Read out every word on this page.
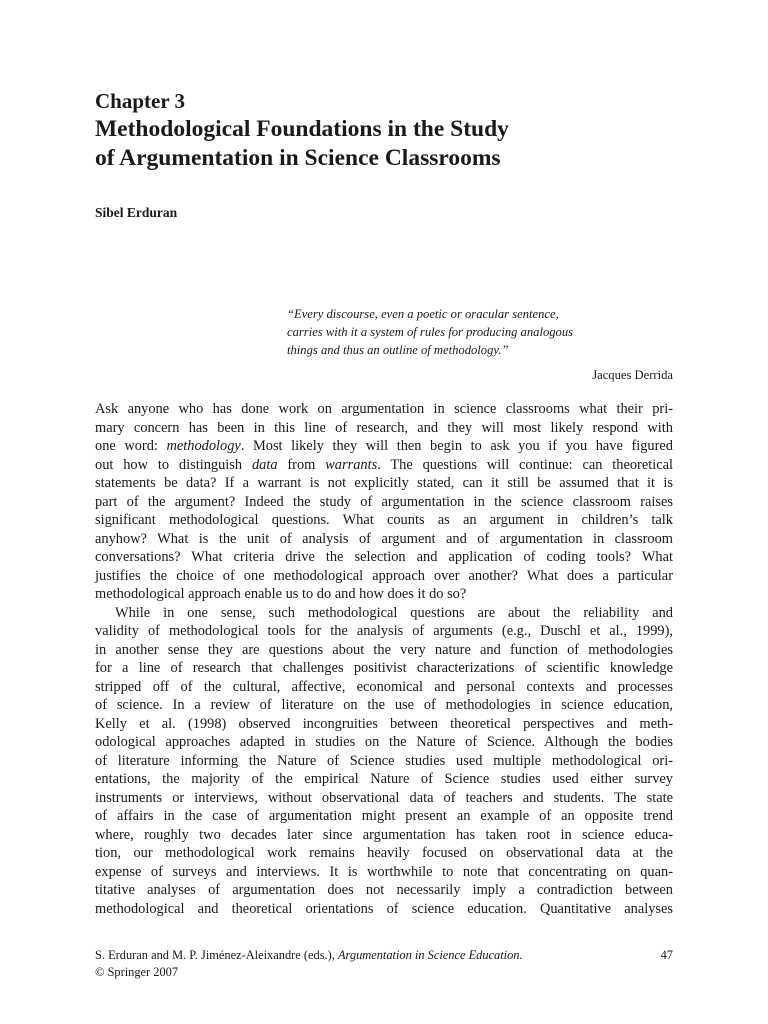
Chapter 3
Methodological Foundations in the Study
of Argumentation in Science Classrooms
Sibel Erduran
“Every discourse, even a poetic or oracular sentence,
carries with it a system of rules for producing analogous
things and thus an outline of methodology.”
Jacques Derrida
Ask anyone who has done work on argumentation in science classrooms what their pri-
mary concern has been in this line of research, and they will most likely respond with
one word: methodology. Most likely they will then begin to ask you if you have figured
out how to distinguish data from warrants. The questions will continue: can theoretical
statements be data? If a warrant is not explicitly stated, can it still be assumed that it is
part of the argument? Indeed the study of argumentation in the science classroom raises
significant methodological questions. What counts as an argument in children’s talk
anyhow? What is the unit of analysis of argument and of argumentation in classroom
conversations? What criteria drive the selection and application of coding tools? What
justifies the choice of one methodological approach over another? What does a particular
methodological approach enable us to do and how does it do so?
While in one sense, such methodological questions are about the reliability and
validity of methodological tools for the analysis of arguments (e.g., Duschl et al., 1999),
in another sense they are questions about the very nature and function of methodologies
for a line of research that challenges positivist characterizations of scientific knowledge
stripped off of the cultural, affective, economical and personal contexts and processes
of science. In a review of literature on the use of methodologies in science education,
Kelly et al. (1998) observed incongruities between theoretical perspectives and meth-
odological approaches adapted in studies on the Nature of Science. Although the bodies
of literature informing the Nature of Science studies used multiple methodological ori-
entations, the majority of the empirical Nature of Science studies used either survey
instruments or interviews, without observational data of teachers and students. The state
of affairs in the case of argumentation might present an example of an opposite trend
where, roughly two decades later since argumentation has taken root in science educa-
tion, our methodological work remains heavily focused on observational data at the
expense of surveys and interviews. It is worthwhile to note that concentrating on quan-
titative analyses of argumentation does not necessarily imply a contradiction between
methodological and theoretical orientations of science education. Quantitative analyses
S. Erduran and M. P. Jiménez-Aleixandre (eds.), Argumentation in Science Education.
© Springer 2007
47
